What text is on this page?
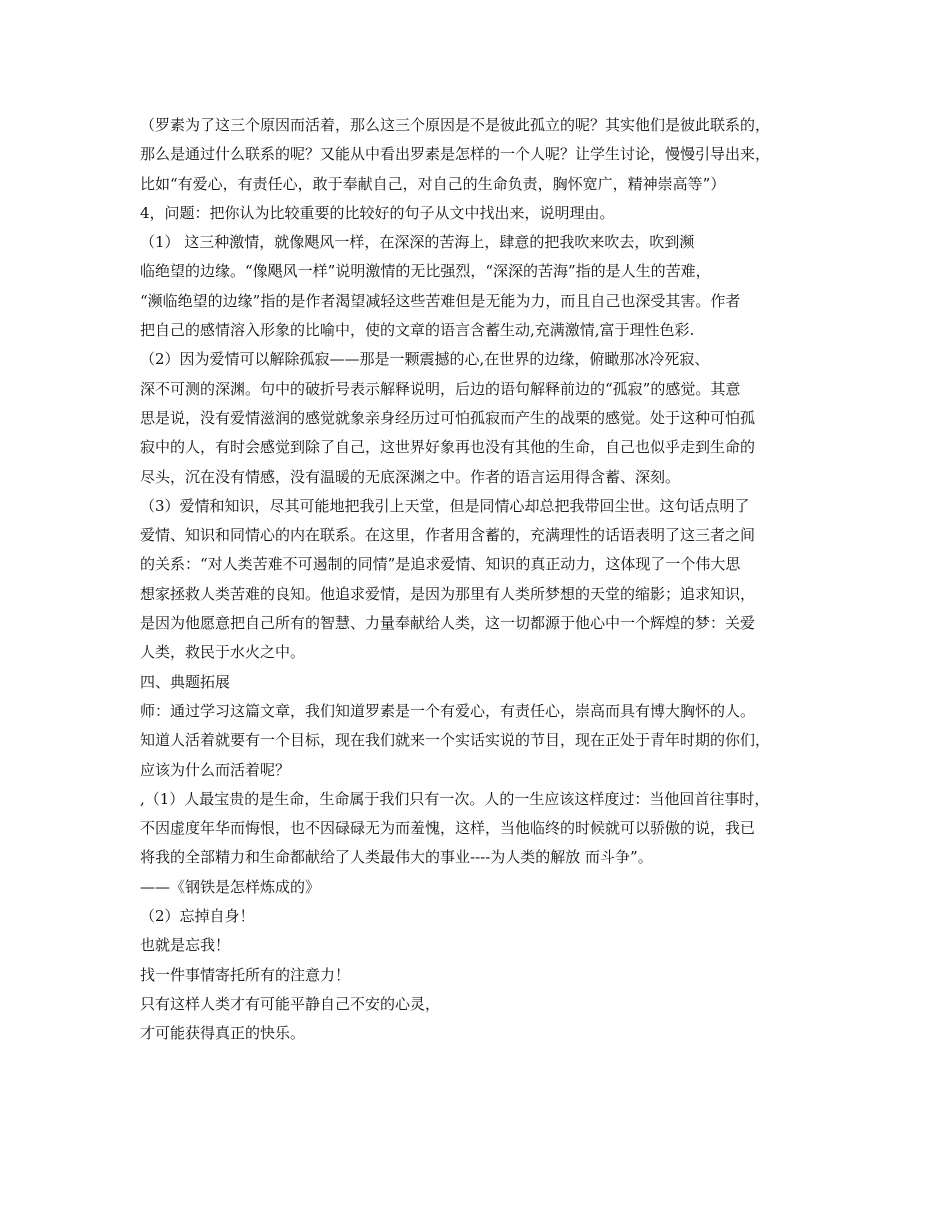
（罗素为了这三个原因而活着，那么这三个原因是不是彼此孤立的呢？其实他们是彼此联系的，
那么是通过什么联系的呢？又能从中看出罗素是怎样的一个人呢？让学生讨论，慢慢引导出来，
比如“有爱心，有责任心，敢于奉献自己，对自己的生命负责，胸怀宽广，精神崇高等”）
4，问题：把你认为比较重要的比较好的句子从文中找出来，说明理由。
（1） 这三种激情，就像飓风一样，在深深的苦海上，肆意的把我吹来吹去，吹到濒
临绝望的边缘。“像飓风一样”说明激情的无比强烈，“深深的苦海”指的是人生的苦难，
“濒临绝望的边缘”指的是作者渴望减轻这些苦难但是无能为力，而且自己也深受其害。作者
把自己的感情溶入形象的比喻中，使的文章的语言含蓄生动,充满激情,富于理性色彩.
（2）因为爱情可以解除孤寂——那是一颗震撼的心,在世界的边缘，俯瞰那冰冷死寂、
深不可测的深渊。句中的破折号表示解释说明，后边的语句解释前边的“孤寂”的感觉。其意
思是说，没有爱情滋润的感觉就象亲身经历过可怕孤寂而产生的战栗的感觉。处于这种可怕孤
寂中的人，有时会感觉到除了自己，这世界好象再也没有其他的生命，自己也似乎走到生命的
尽头，沉在没有情感，没有温暖的无底深渊之中。作者的语言运用得含蓄、深刻。
（3）爱情和知识，尽其可能地把我引上天堂，但是同情心却总把我带回尘世。这句话点明了
爱情、知识和同情心的内在联系。在这里，作者用含蓄的，充满理性的话语表明了这三者之间
的关系：“对人类苦难不可遏制的同情”是追求爱情、知识的真正动力，这体现了一个伟大思
想家拯救人类苦难的良知。他追求爱情，是因为那里有人类所梦想的天堂的缩影；追求知识，
是因为他愿意把自己所有的智慧、力量奉献给人类，这一切都源于他心中一个辉煌的梦：关爱
人类，救民于水火之中。
四、典题拓展
师：通过学习这篇文章，我们知道罗素是一个有爱心，有责任心，崇高而具有博大胸怀的人。
知道人活着就要有一个目标，现在我们就来一个实话实说的节目，现在正处于青年时期的你们，
应该为什么而活着呢？
,（1）人最宝贵的是生命，生命属于我们只有一次。人的一生应该这样度过：当他回首往事时，
不因虚度年华而悔恨，也不因碌碌无为而羞愧，这样，当他临终的时候就可以骄傲的说，我已
将我的全部精力和生命都献给了人类最伟大的事业----为人类的解放 而斗争”。
——《钢铁是怎样炼成的》
（2）忘掉自身！
也就是忘我！
找一件事情寄托所有的注意力！
只有这样人类才有可能平静自己不安的心灵，
才可能获得真正的快乐。
